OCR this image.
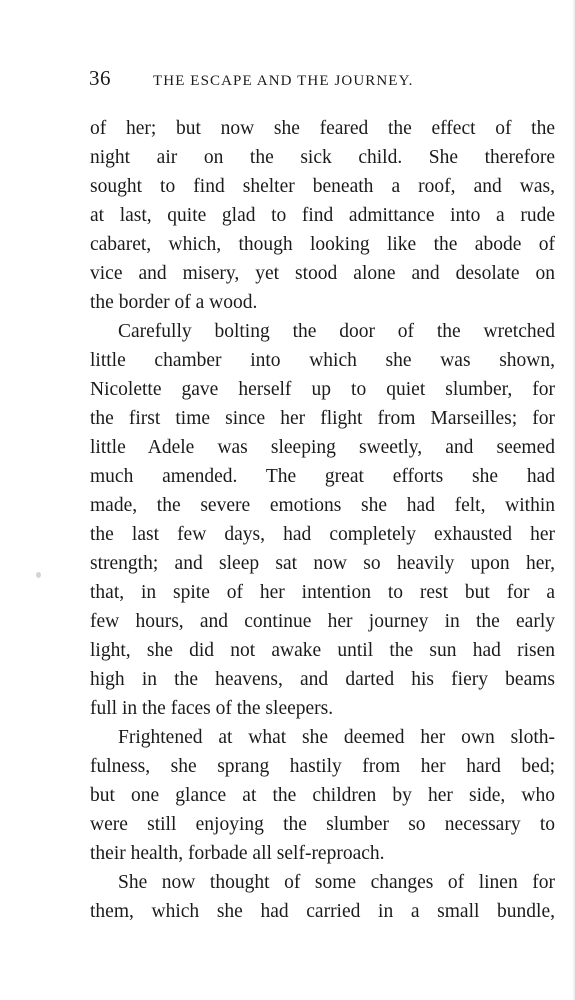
36	THE ESCAPE AND THE JOURNEY.
of her; but now she feared the effect of the
night air on the sick child. She therefore
sought to find shelter beneath a roof, and was,
at last, quite glad to find admittance into a rude
cabaret, which, though looking like the abode of
vice and misery, yet stood alone and desolate on
the border of a wood.
Carefully bolting the door of the wretched
little chamber into which she was shown,
Nicolette gave herself up to quiet slumber, for
the first time since her flight from Marseilles; for
little Adele was sleeping sweetly, and seemed
much amended. The great efforts she had
made, the severe emotions she had felt, within
the last few days, had completely exhausted her
strength; and sleep sat now so heavily upon her,
that, in spite of her intention to rest but for a
few hours, and continue her journey in the early
light, she did not awake until the sun had risen
high in the heavens, and darted his fiery beams
full in the faces of the sleepers.
Frightened at what she deemed her own sloth-
fulness, she sprang hastily from her hard bed;
but one glance at the children by her side, who
were still enjoying the slumber so necessary to
their health, forbade all self-reproach.
She now thought of some changes of linen for
them, which she had carried in a small bundle,
